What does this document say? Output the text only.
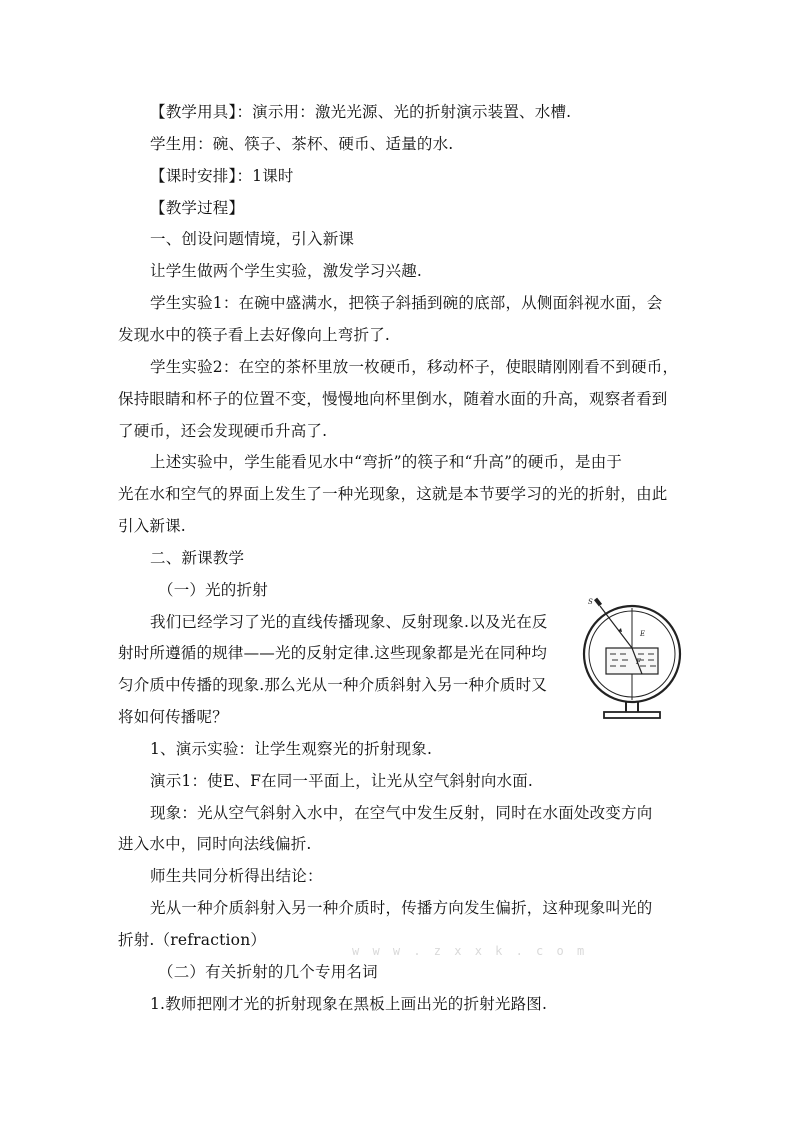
【教学用具】：演示用：激光光源、光的折射演示装置、水槽.
学生用：碗、筷子、茶杯、硬币、适量的水.
【课时安排】：1课时
【教学过程】
一、创设问题情境，引入新课
让学生做两个学生实验，激发学习兴趣.
学生实验1：在碗中盛满水，把筷子斜插到碗的底部，从侧面斜视水面，会
发现水中的筷子看上去好像向上弯折了.
学生实验2：在空的茶杯里放一枚硬币，移动杯子，使眼睛刚刚看不到硬币，
保持眼睛和杯子的位置不变，慢慢地向杯里倒水，随着水面的升高，观察者看到
了硬币，还会发现硬币升高了.
上述实验中，学生能看见水中“弯折”的筷子和“升高”的硬币，是由于
光在水和空气的界面上发生了一种光现象，这就是本节要学习的光的折射，由此
引入新课.
二、新课教学
（一）光的折射
我们已经学习了光的直线传播现象、反射现象.以及光在反
射时所遵循的规律——光的反射定律.这些现象都是光在同种均
匀介质中传播的现象.那么光从一种介质斜射入另一种介质时又
将如何传播呢？
1、演示实验：让学生观察光的折射现象.
演示1：使E、F在同一平面上，让光从空气斜射向水面.
现象：光从空气斜射入水中，在空气中发生反射，同时在水面处改变方向
进入水中，同时向法线偏折.
师生共同分析得出结论：
光从一种介质斜射入另一种介质时，传播方向发生偏折，这种现象叫光的
折射.（refraction）
（二）有关折射的几个专用名词
1.教师把刚才光的折射现象在黑板上画出光的折射光路图.
w w w . z x x k . c o m
S
E
F
